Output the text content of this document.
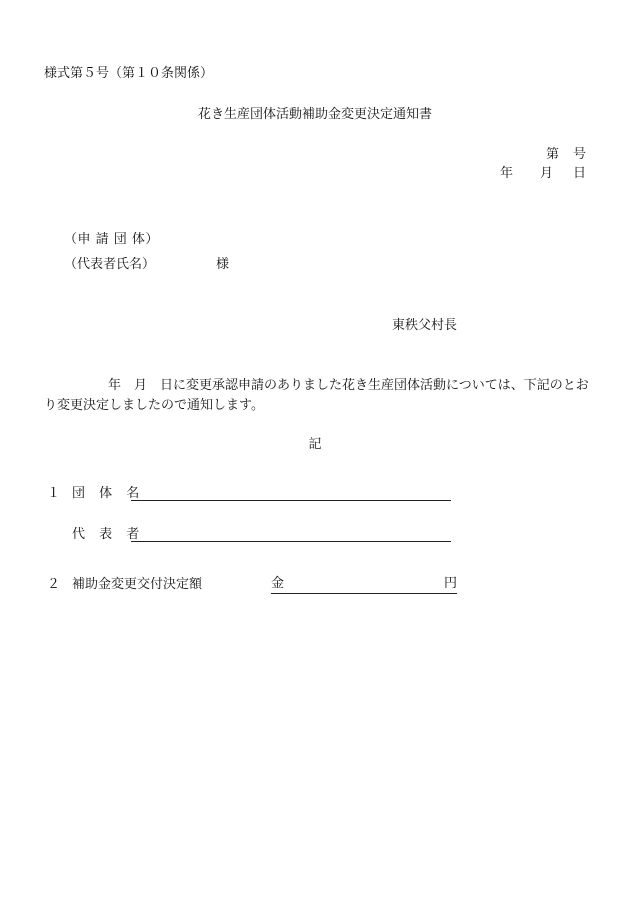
様式第５号（第１０条関係）
花き生産団体活動補助金変更決定通知書
第 号
年 月 日
（申 請 団 体）
（代表者氏名）	様
東秩父村長
年　月　日に変更承認申請のありました花き生産団体活動については、下記のとおり変更決定しましたので通知します。
記
１ 団 体 名
代 表 者
２ 補助金変更交付決定額	金	円
